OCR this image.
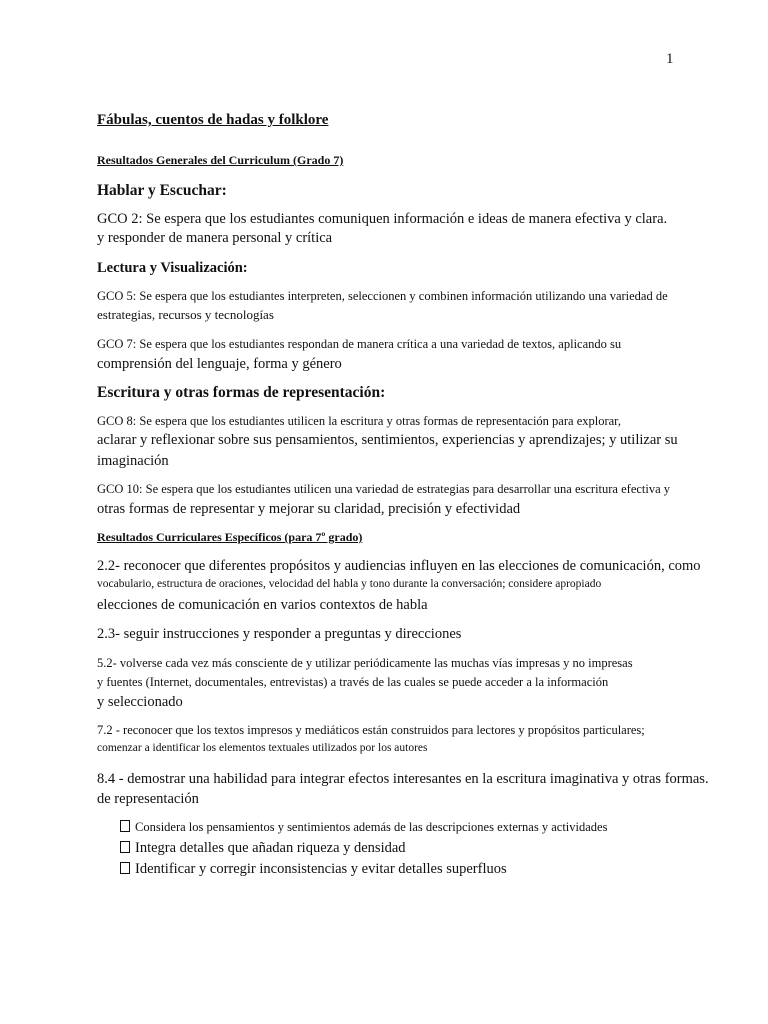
1
Fábulas, cuentos de hadas y folklore
Resultados Generales del Curriculum (Grado 7)
Hablar y Escuchar:
GCO 2: Se espera que los estudiantes comuniquen información e ideas de manera efectiva y clara.
y responder de manera personal y crítica
Lectura y Visualización:
GCO 5: Se espera que los estudiantes interpreten, seleccionen y combinen información utilizando una variedad de
estrategias, recursos y tecnologías
GCO 7: Se espera que los estudiantes respondan de manera crítica a una variedad de textos, aplicando su
comprensión del lenguaje, forma y género
Escritura y otras formas de representación:
GCO 8: Se espera que los estudiantes utilicen la escritura y otras formas de representación para explorar,
aclarar y reflexionar sobre sus pensamientos, sentimientos, experiencias y aprendizajes; y utilizar su
imaginación
GCO 10: Se espera que los estudiantes utilicen una variedad de estrategias para desarrollar una escritura efectiva y
otras formas de representar y mejorar su claridad, precisión y efectividad
Resultados Curriculares Específicos (para 7º grado)
2.2- reconocer que diferentes propósitos y audiencias influyen en las elecciones de comunicación, como
vocabulario, estructura de oraciones, velocidad del habla y tono durante la conversación; considere apropiado
elecciones de comunicación en varios contextos de habla
2.3- seguir instrucciones y responder a preguntas y direcciones
5.2- volverse cada vez más consciente de y utilizar periódicamente las muchas vías impresas y no impresas
y fuentes (Internet, documentales, entrevistas) a través de las cuales se puede acceder a la información
y seleccionado
7.2 - reconocer que los textos impresos y mediáticos están construidos para lectores y propósitos particulares;
comenzar a identificar los elementos textuales utilizados por los autores
8.4 - demostrar una habilidad para integrar efectos interesantes en la escritura imaginativa y otras formas.
de representación
Considera los pensamientos y sentimientos además de las descripciones externas y actividades
Integra detalles que añadan riqueza y densidad
Identificar y corregir inconsistencias y evitar detalles superfluos
